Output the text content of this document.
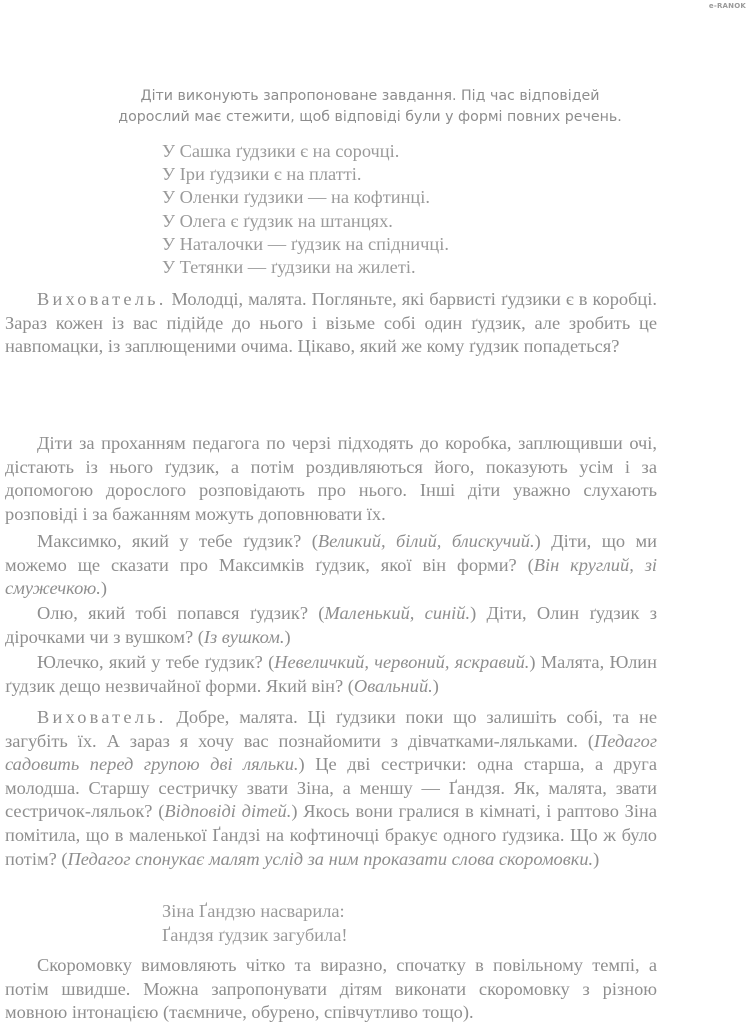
e-RANOK
Діти виконують запропоноване завдання. Під час відповідей
дорослий має стежити, щоб відповіді були у формі повних речень.
У Сашка ґудзики є на сорочці.
У Іри ґудзики є на платті.
У Оленки ґудзики — на кофтинці.
У Олега є ґудзик на штанцях.
У Наталочки — ґудзик на спідничці.
У Тетянки — ґудзики на жилеті.
Вихователь. Молодці, малята. Погляньте, які барвисті ґудзики є в коробці. Зараз кожен із вас підійде до нього і візьме собі один ґудзик, але зробить це навпомацки, із заплющеними очима. Цікаво, який же кому ґудзик попадеться?
Діти за проханням педагога по черзі підходять до коробка, заплющивши очі, дістають із нього ґудзик, а потім роздивляються його, показують усім і за допомогою дорослого розповідають про нього. Інші діти уважно слухають розповіді і за бажанням можуть доповнювати їх.
Максимко, який у тебе ґудзик? (Великий, білий, блискучий.) Діти, що ми можемо ще сказати про Максимків ґудзик, якої він форми? (Він круглий, зі смужечкою.)
Олю, який тобі попався ґудзик? (Маленький, синій.) Діти, Олин ґудзик з дірочками чи з вушком? (Із вушком.)
Юлечко, який у тебе ґудзик? (Невеличкий, червоний, яскравий.) Малята, Юлин ґудзик дещо незвичайної форми. Який він? (Овальний.)
Вихователь. Добре, малята. Ці ґудзики поки що залишіть собі, та не загубіть їх. А зараз я хочу вас познайомити з дівчатками-ляльками. (Педагог садовить перед групою дві ляльки.) Це дві сестрички: одна старша, а друга молодша. Старшу сестричку звати Зіна, а меншу — Ґандзя. Як, малята, звати сестричок-ляльок? (Відповіді дітей.) Якось вони гралися в кімнаті, і раптово Зіна помітила, що в маленької Ґандзі на кофтиночці бракує одного ґудзика. Що ж було потім? (Педагог спонукає малят услід за ним проказати слова скоромовки.)
Зіна Ґандзю насварила:
Ґандзя ґудзик загубила!
Скоромовку вимовляють чітко та виразно, спочатку в повільному темпі, а потім швидше. Можна запропонувати дітям виконати скоромовку з різною мовною інтонацією (таємниче, обурено, співчутливо тощо).
